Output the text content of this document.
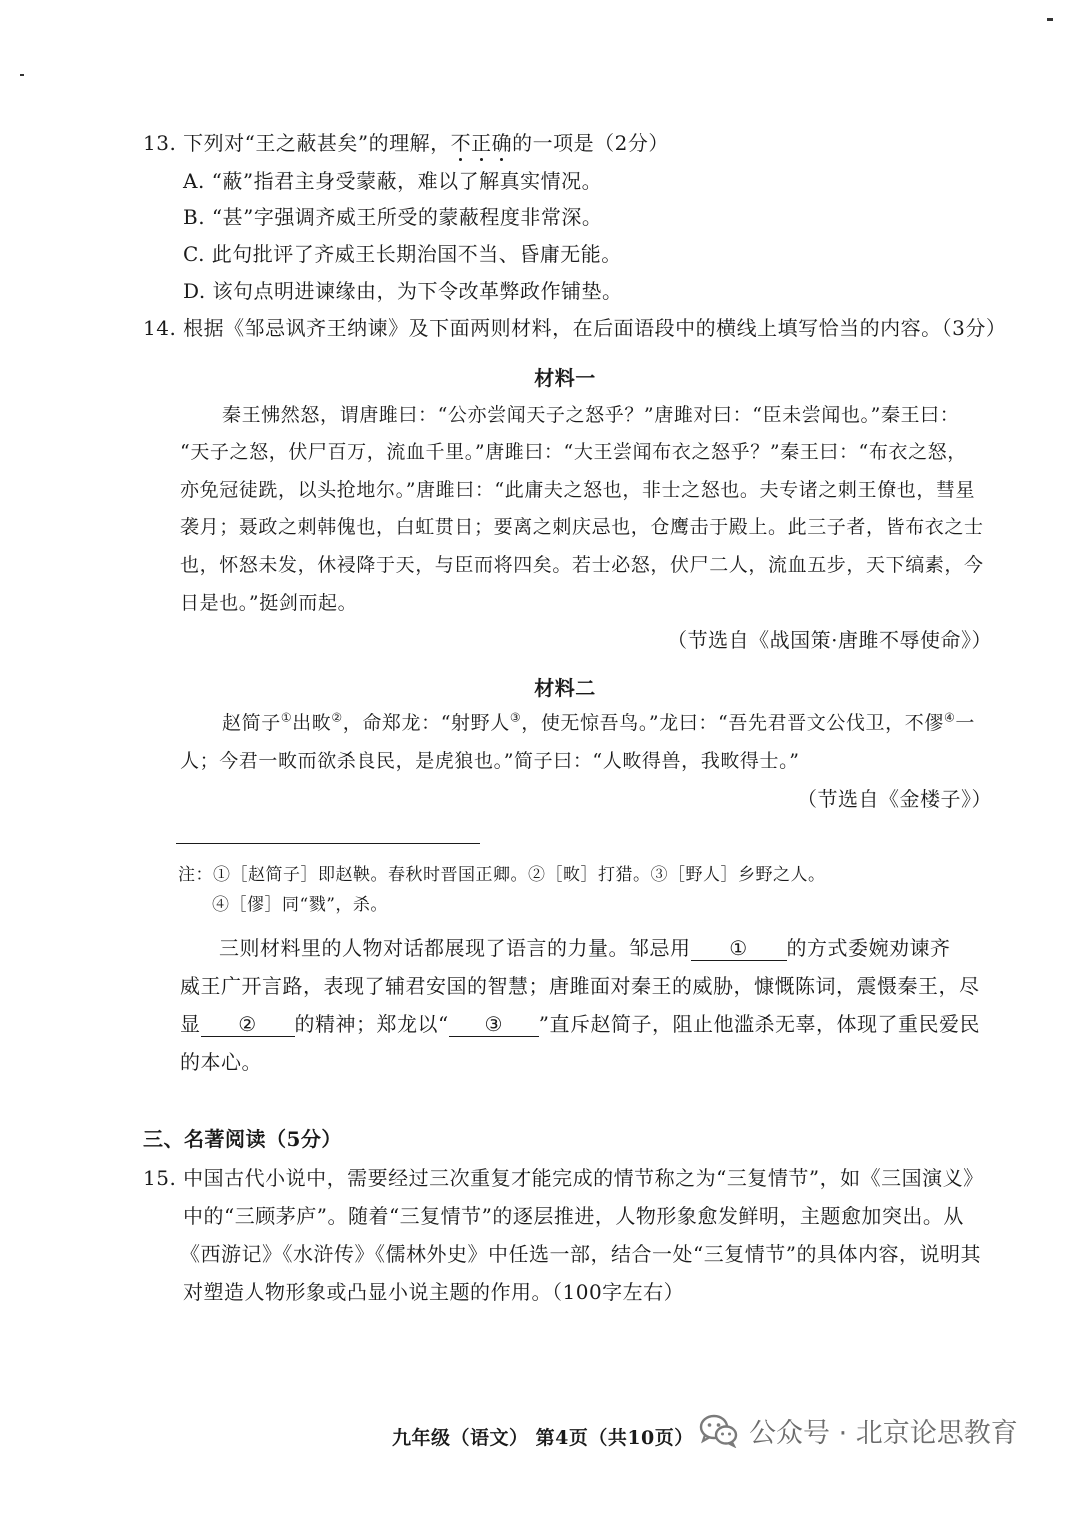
13. 下列对“王之蔽甚矣”的理解，不正确的一项是（2分）
A. “蔽”指君主身受蒙蔽，难以了解真实情况。
B. “甚”字强调齐威王所受的蒙蔽程度非常深。
C. 此句批评了齐威王长期治国不当、昏庸无能。
D. 该句点明进谏缘由，为下令改革弊政作铺垫。
14. 根据《邹忌讽齐王纳谏》及下面两则材料，在后面语段中的横线上填写恰当的内容。（3分）
材料一
秦王怫然怒，谓唐雎曰：“公亦尝闻天子之怒乎？”唐雎对曰：“臣未尝闻也。”秦王曰：
“天子之怒，伏尸百万，流血千里。”唐雎曰：“大王尝闻布衣之怒乎？”秦王曰：“布衣之怒，
亦免冠徒跣，以头抢地尔。”唐雎曰：“此庸夫之怒也，非士之怒也。夫专诸之刺王僚也，彗星
袭月；聂政之刺韩傀也，白虹贯日；要离之刺庆忌也，仓鹰击于殿上。此三子者，皆布衣之士
也，怀怒未发，休祲降于天，与臣而将四矣。若士必怒，伏尸二人，流血五步，天下缟素，今
日是也。”挺剑而起。
（节选自《战国策·唐雎不辱使命》）
材料二
赵简子①出畋②，命郑龙：“射野人③，使无惊吾鸟。”龙曰：“吾先君晋文公伐卫，不僇④一
人；今君一畋而欲杀良民，是虎狼也。”简子曰：“人畋得兽，我畋得士。”
（节选自《金楼子》）
注：①［赵简子］即赵鞅。春秋时晋国正卿。②［畋］打猎。③［野人］乡野之人。
④［僇］同“戮”，杀。
三则材料里的人物对话都展现了语言的力量。邹忌用 ① 的方式委婉劝谏齐
威王广开言路，表现了辅君安国的智慧；唐雎面对秦王的威胁，慷慨陈词，震慑秦王，尽
显 ② 的精神；郑龙以“ ③ ”直斥赵简子，阻止他滥杀无辜，体现了重民爱民
的本心。
三、名著阅读（5分）
15. 中国古代小说中，需要经过三次重复才能完成的情节称之为“三复情节”，如《三国演义》
中的“三顾茅庐”。随着“三复情节”的逐层推进，人物形象愈发鲜明，主题愈加突出。从
《西游记》《水浒传》《儒林外史》中任选一部，结合一处“三复情节”的具体内容，说明其
对塑造人物形象或凸显小说主题的作用。（100字左右）
九年级（语文） 第4页（共10页） 公众号 · 北京论思教育
